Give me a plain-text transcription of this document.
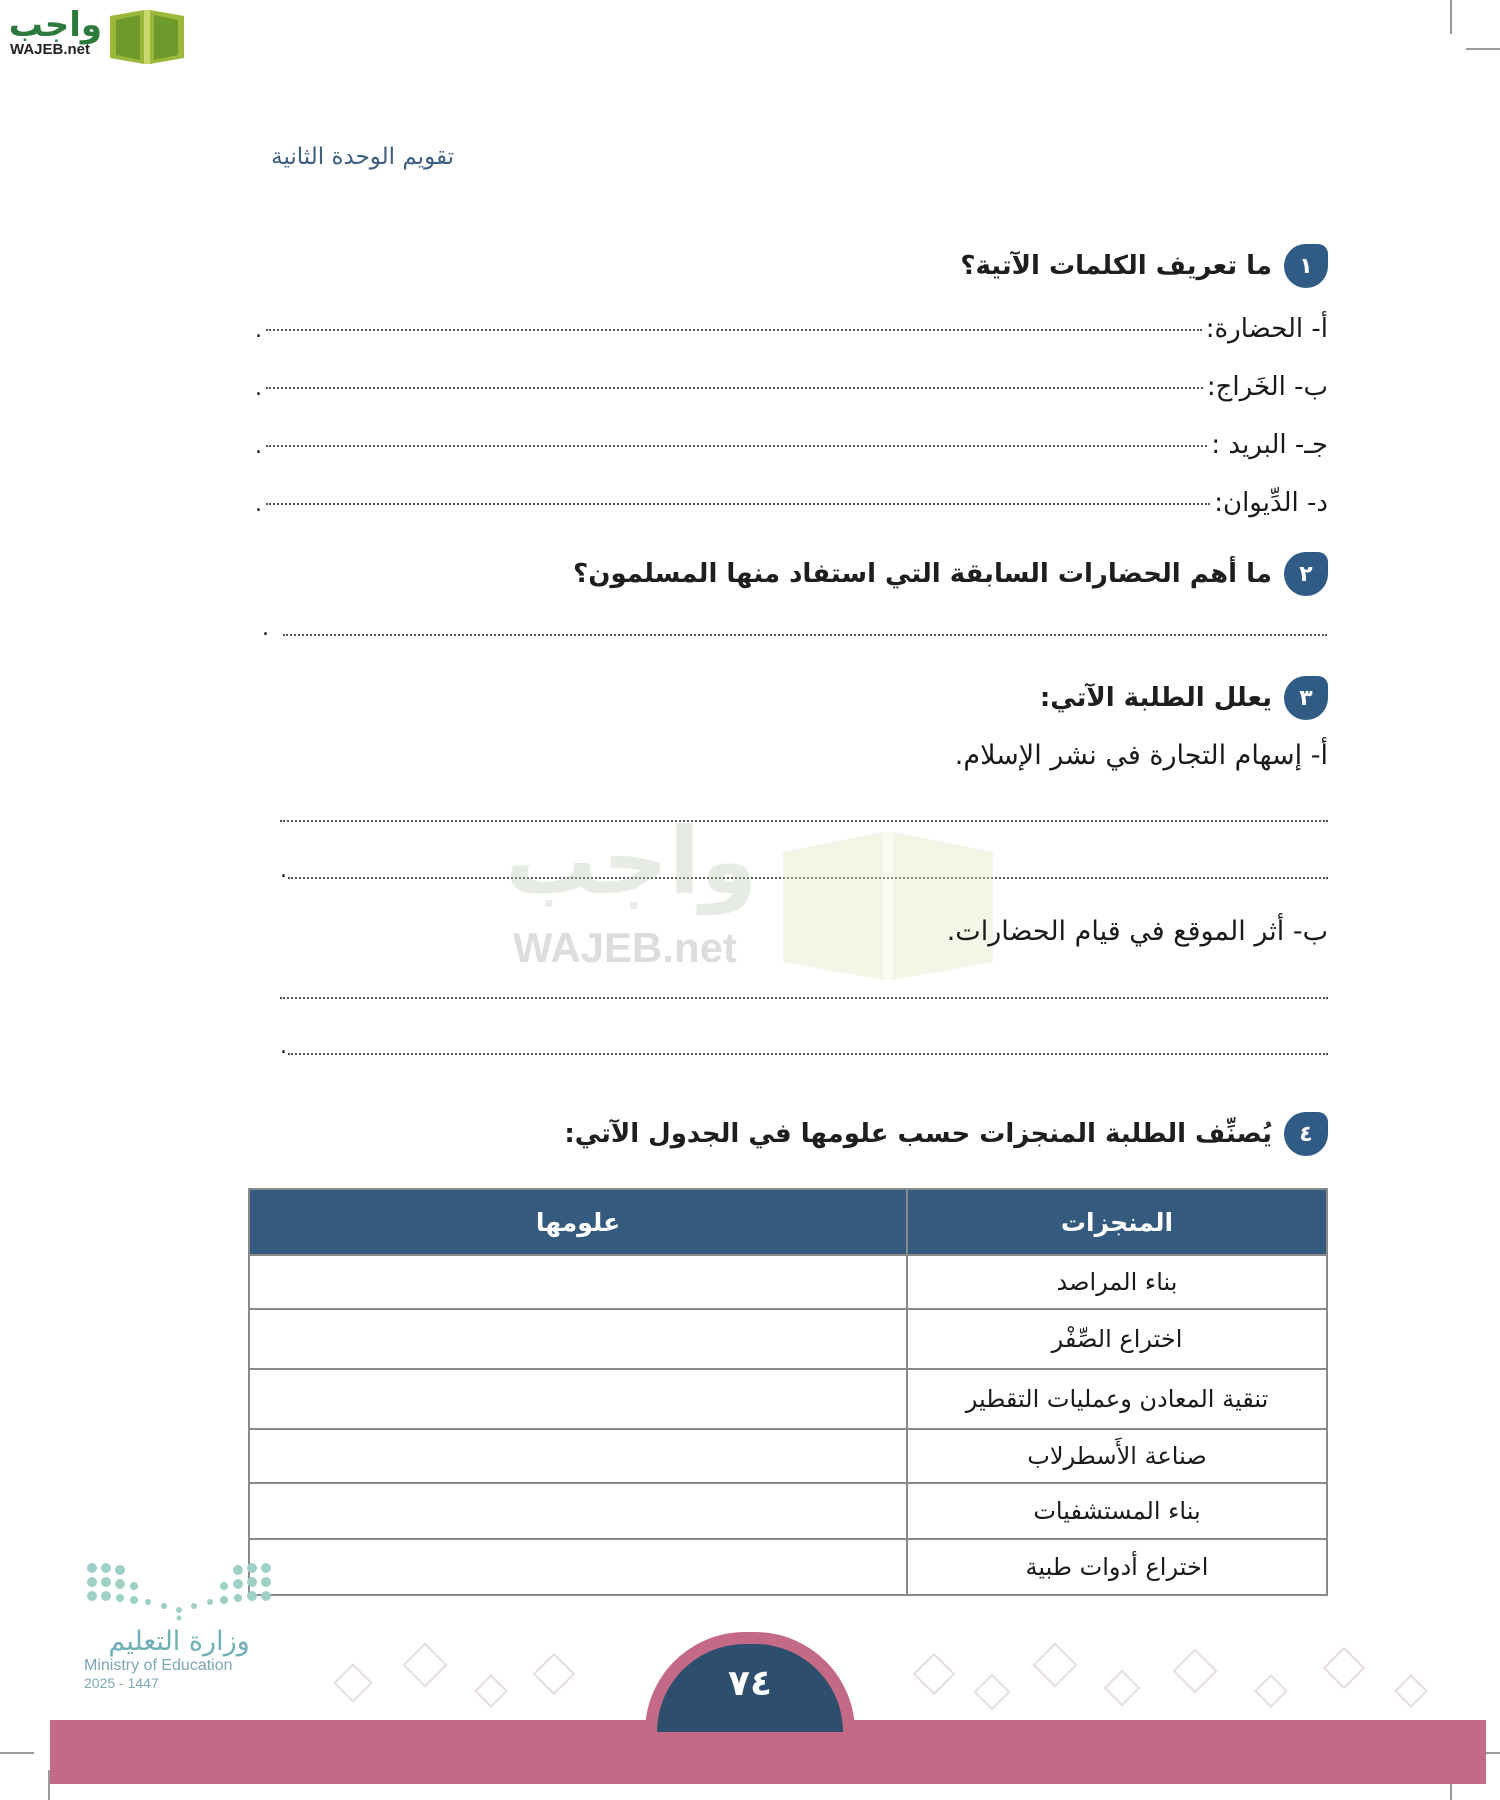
واجب
WAJEB.net
تقويم الوحدة الثانية
١
ما تعريف الكلمات الآتية؟
أ- الحضارة:
.
ب- الخَراج:
.
جـ- البريد :
.
د- الدِّيوان:
.
٢
ما أهم الحضارات السابقة التي استفاد منها المسلمون؟
.
٣
يعلل الطلبة الآتي:
أ- إسهام التجارة في نشر الإسلام.
. واجب
WAJEB.net	ب- أثر الموقع في قيام الحضارات.
.
٤
يُصنِّف الطلبة المنجزات حسب علومها في الجدول الآتي:
المنجزات	علومها
بناء المراصد	
اختراع الصِّفْر	
تنقية المعادن وعمليات التقطير	
صناعة الأَسطرلاب	
بناء المستشفيات	
اختراع أدوات طبية	
وزارة التعليم
Ministry of Education
2025 - 1447	٧٤
